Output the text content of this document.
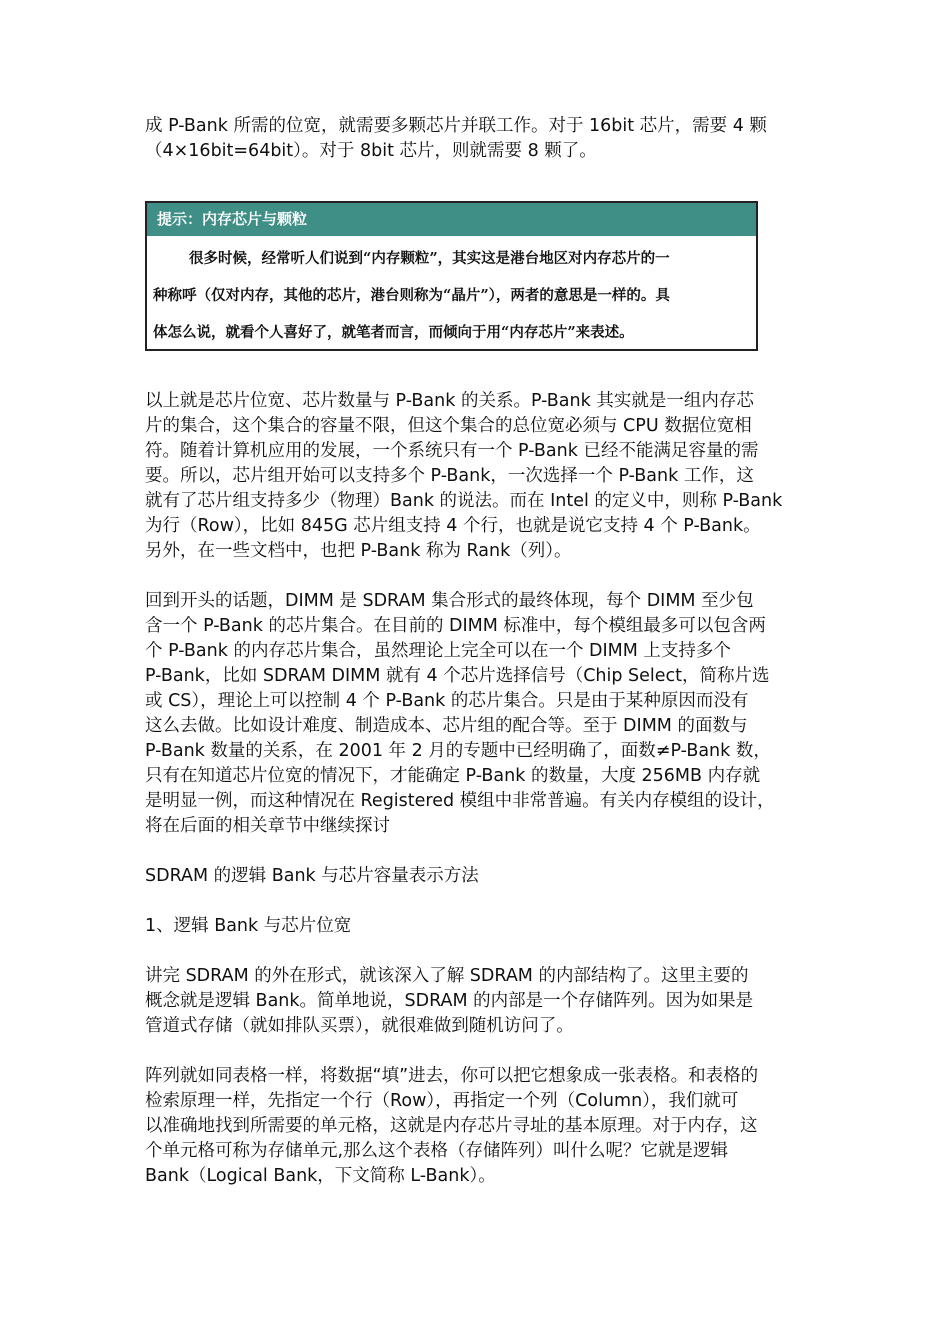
成 P-Bank 所需的位宽，就需要多颗芯片并联工作。对于 16bit 芯片，需要 4 颗
（4×16bit=64bit）。对于 8bit 芯片，则就需要 8 颗了。
提示：内存芯片与颗粒
很多时候，经常听人们说到“内存颗粒”，其实这是港台地区对内存芯片的一
种称呼（仅对内存，其他的芯片，港台则称为“晶片”），两者的意思是一样的。具
体怎么说，就看个人喜好了，就笔者而言，而倾向于用“内存芯片”来表述。
以上就是芯片位宽、芯片数量与 P-Bank 的关系。P-Bank 其实就是一组内存芯
片的集合，这个集合的容量不限，但这个集合的总位宽必须与 CPU 数据位宽相
符。随着计算机应用的发展，一个系统只有一个 P-Bank 已经不能满足容量的需
要。所以，芯片组开始可以支持多个 P-Bank，一次选择一个 P-Bank 工作，这
就有了芯片组支持多少（物理）Bank 的说法。而在 Intel 的定义中，则称 P-Bank
为行（Row），比如 845G 芯片组支持 4 个行，也就是说它支持 4 个 P-Bank。
另外，在一些文档中，也把 P-Bank 称为 Rank（列）。
回到开头的话题，DIMM 是 SDRAM 集合形式的最终体现，每个 DIMM 至少包
含一个 P-Bank 的芯片集合。在目前的 DIMM 标准中，每个模组最多可以包含两
个 P-Bank 的内存芯片集合，虽然理论上完全可以在一个 DIMM 上支持多个
P-Bank，比如 SDRAM DIMM 就有 4 个芯片选择信号（Chip Select，简称片选
或 CS），理论上可以控制 4 个 P-Bank 的芯片集合。只是由于某种原因而没有
这么去做。比如设计难度、制造成本、芯片组的配合等。至于 DIMM 的面数与
P-Bank 数量的关系，在 2001 年 2 月的专题中已经明确了，面数≠P-Bank 数，
只有在知道芯片位宽的情况下，才能确定 P-Bank 的数量，大度 256MB 内存就
是明显一例，而这种情况在 Registered 模组中非常普遍。有关内存模组的设计，
将在后面的相关章节中继续探讨
SDRAM 的逻辑 Bank 与芯片容量表示方法
1、逻辑 Bank 与芯片位宽
讲完 SDRAM 的外在形式，就该深入了解 SDRAM 的内部结构了。这里主要的
概念就是逻辑 Bank。简单地说，SDRAM 的内部是一个存储阵列。因为如果是
管道式存储（就如排队买票），就很难做到随机访问了。
阵列就如同表格一样，将数据“填”进去，你可以把它想象成一张表格。和表格的
检索原理一样，先指定一个行（Row），再指定一个列（Column），我们就可
以准确地找到所需要的单元格，这就是内存芯片寻址的基本原理。对于内存，这
个单元格可称为存储单元,那么这个表格（存储阵列）叫什么呢？它就是逻辑
Bank（Logical Bank，下文简称 L-Bank）。
